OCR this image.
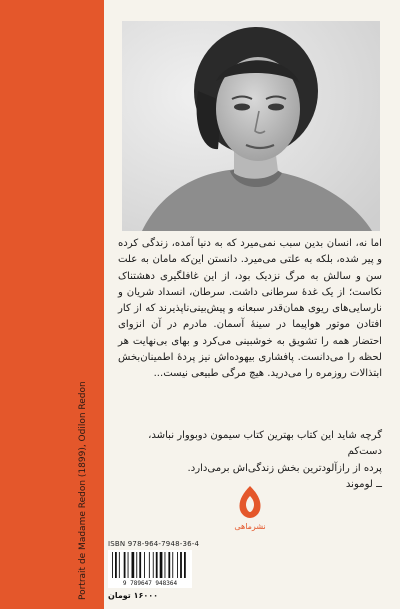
Portrait de Madame Redon (1899), Odilon Redon

اما نه، انسان بدین سبب نمی‌میرد که به دنیا آمده، زندگی کرده و پیر شده، بلکه به علتی می‌میرد. دانستن این‌که مامان به علت سن و سالش به مرگ نزدیک بود، از این غافلگیری دهشتناک نکاست؛ از یک غدهٔ سرطانی داشت. سرطان، انسداد شریان و نارسایی‌های ریوی همان‌قدر سبعانه و پیش‌بینی‌ناپذیرند که از کار افتادن موتور هواپیما در سینهٔ آسمان. مادرم در آن انزوای احتضار همه را تشویق به خوشبینی می‌کرد و بهای بی‌نهایت هر لحظه را می‌دانست. پافشاری بیهوده‌اش نیز پردهٔ اطمینان‌بخش ابتذالات روزمره را می‌درید. هیچ مرگی طبیعی نیست...

گرچه شاید این کتاب بهترین کتاب سیمون دوبووار نباشد، دست‌کم

پرده از رازآلودترین بخش زندگی‌اش برمی‌دارد.

ــ لوموند

نشرماهی
ISBN 978-964-7948-36-4
9 789647 948364
۱۶۰۰۰ تومان
